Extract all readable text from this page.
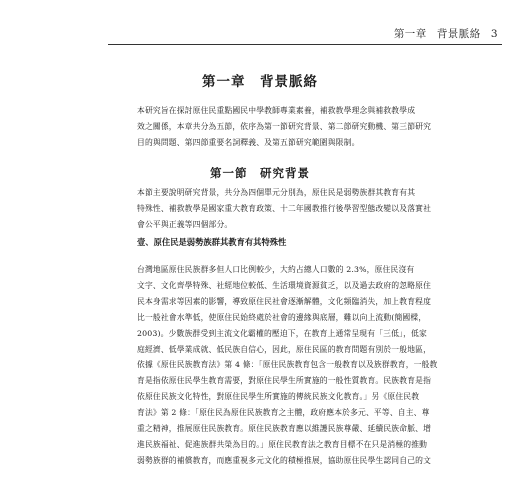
第一章 背景脈絡 3
第一章　背景脈絡

本研究旨在探討原住民重點國民中學教師專業素養，補救教學理念與補救教學成
效之關係，本章共分為五節，依序為第一節研究背景、第二節研究動機、第三節研究
目的與問題、第四節重要名詞釋義、及第五節研究範圍與限制。

第一節　研究背景

本節主要說明研究背景，共分為四個單元分別為，原住民是弱勢族群其教育有其
特殊性、補救教學是國家重大教育政策、十二年國教推行後學習型態改變以及落實社
會公平與正義等四個部分。

壹、原住民是弱勢族群其教育有其特殊性

台灣地區原住民族群多但人口比例較少，大約占總人口數的 2.3%，原住民沒有
文字、文化齊學特殊、社經地位較低、生活環境資源貧乏，以及過去政府的忽略原住
民本身需求等因素的影響，導致原住民社會逐漸解體，文化頻臨消失，加上教育程度
比一般社會水準低，使原住民始終處於社會的邊緣與底層，難以向上流動(簡國樑，
2003)。少數族群受到主流文化霸權的壓迫下，在教育上通常呈現有「三低」，低家
庭經濟、低學業成就、低民族自信心，因此，原住民區的教育問題有別於一般地區，
依據《原住民族教育法》第 4 條：「原住民族教育包含一般教育以及族群教育，一般教
育是指依原住民學生教育需要，對原住民學生所實施的一般性質教育。民族教育是指
依原住民族文化特性，對原住民學生所實施的傳統民族文化教育。」另《原住民教
育法》第 2 條：「原住民為原住民族教育之主體，政府應本於多元、平等、自主、尊
重之精神，推展原住民族教育。原住民族教育應以維護民族尊嚴、延續民族命脈、增
進民族福祉、促進族群共榮為目的。」原住民教育法之教育目標不在只是消極的推動
弱勢族群的補償教育，而應重視多元文化的積極推展，協助原住民學生認同自己的文
